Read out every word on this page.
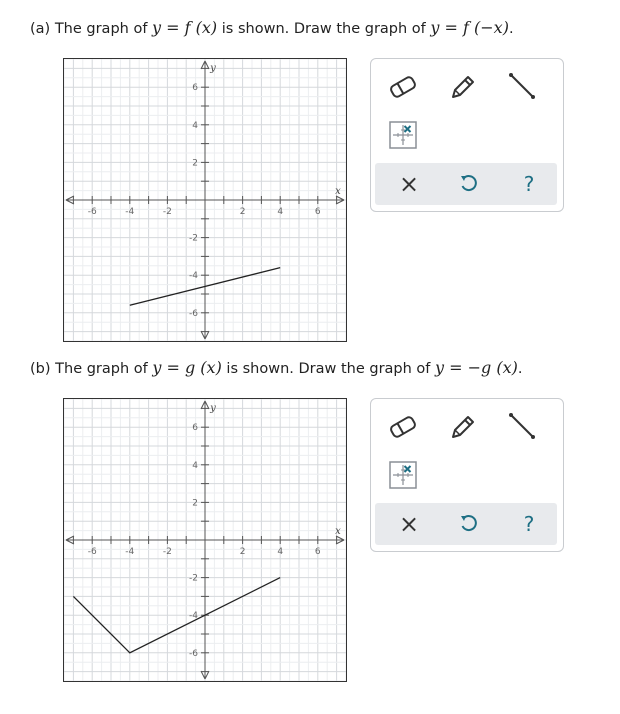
(a) The graph of y = f (x) is shown. Draw the graph of y = f (−x).
-6	-4	-2	2	4	6
-6
-4
-2
2
4
6
x
y
×	?
(b) The graph of y = g (x) is shown. Draw the graph of y = −g (x).
-6	-4	-2	2	4	6
-6
-4
-2
2
4
6
x
y
×	?
